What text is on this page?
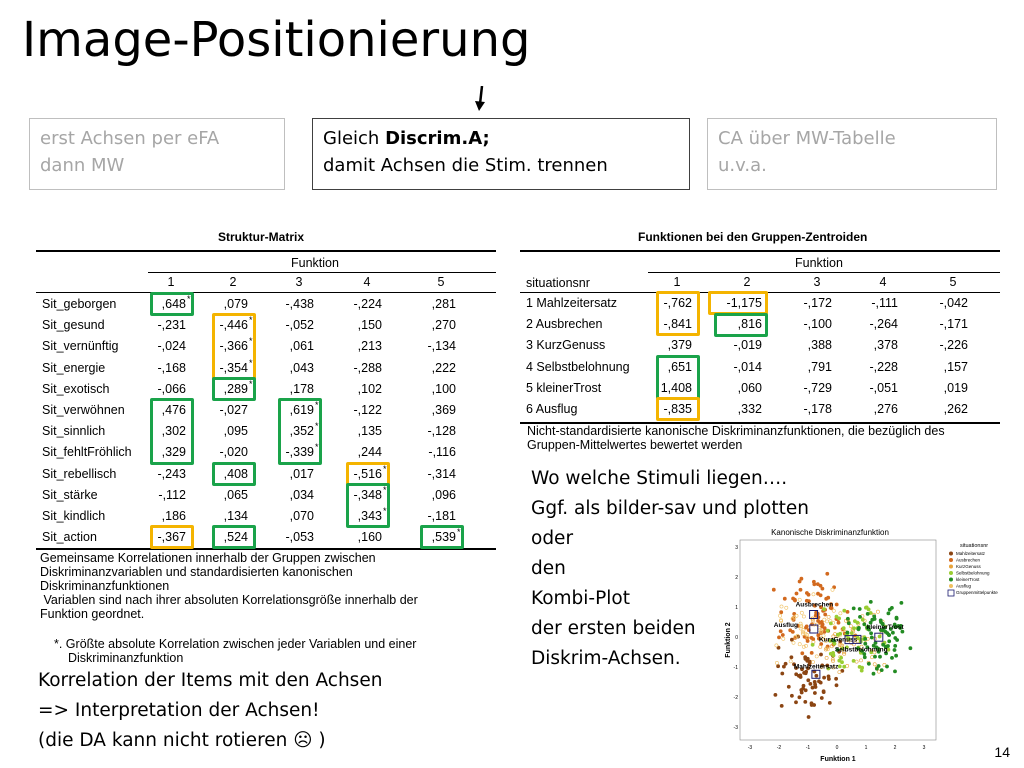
Image-Positionierung
erst Achsen per eFA
dann MW
Gleich Discrim.A;
damit Achsen die Stim. trennen
CA über MW-Tabelle
u.v.a.
Struktur-Matrix
Funktion
1	2	3	4	5
Sit_geborgen	,648 *	,079	-,438	-,224	,281
Sit_gesund	-,231	-,446 *	-,052	,150	,270
Sit_vernünftig	-,024	-,366 *	,061	,213	-,134
Sit_energie	-,168	-,354 *	,043	-,288	,222
Sit_exotisch	-,066	,289 *	,178	,102	,100
Sit_verwöhnen	,476	-,027	,619 *	-,122	,369
Sit_sinnlich	,302	,095	,352 *	,135	-,128
Sit_fehltFröhlich ,329	-,020	-,339 *	,244	-,116
Sit_rebellisch	-,243	,408	,017	-,516 *	-,314
Sit_stärke	-,112	,065	,034	-,348 *	,096
Sit_kindlich	,186	,134	,070	,343 *	-,181
Sit_action	-,367	,524	-,053	,160	,539 *
Funktionen bei den Gruppen-Zentroiden
Funktion
situationsnr	1	2	3	4	5
1 Mahlzeitersatz	-,762	-1,175	-,172	-,111	-,042
2 Ausbrechen	-,841	,816	-,100	-,264	-,171
3 KurzGenuss	,379	-,019	,388	,378	-,226
4 Selbstbelohnung	,651	-,014	,791	-,228	,157
5 kleinerTrost	1,408	,060	-,729	-,051	,019
6 Ausflug	-,835	,332	-,178	,276	,262
Nicht-standardisierte kanonische Diskriminanzfunktionen, die bezüglich des
Gruppen-Mittelwertes bewertet werden
Gemeinsame Korrelationen innerhalb der Gruppen zwischen
Diskriminanzvariablen und standardisierten kanonischen
Diskriminanzfunktionen
Variablen sind nach ihrer absoluten Korrelationsgröße innerhalb der
Funktion geordnet.
*. Größte absolute Korrelation zwischen jeder Variablen und einer
Diskriminanzfunktion
Korrelation der Items mit den Achsen
=> Interpretation der Achsen!
(die DA kann nicht rotieren ☹ )
Wo welche Stimuli liegen….
Ggf. als bilder-sav und plotten
oder
den
Kombi-Plot
der ersten beiden
Diskrim-Achsen.
Kanonische Diskriminanzfunktion
Funktion 2
Funktion 1
-3	-2	-1	0	1	2	3
3
2
1
0
-1
-2
-3
Ausbrechen
Ausflug	kleinerTrost
KurzGenuss
Selbstbelohnung
Mahlzeitersatz
situationsnr
Mahlzeitersatz
Ausbrechen
KurzGenuss
Selbstbelohnung
kleinerTrost
Ausflug
Gruppenmittelpunkte
14
